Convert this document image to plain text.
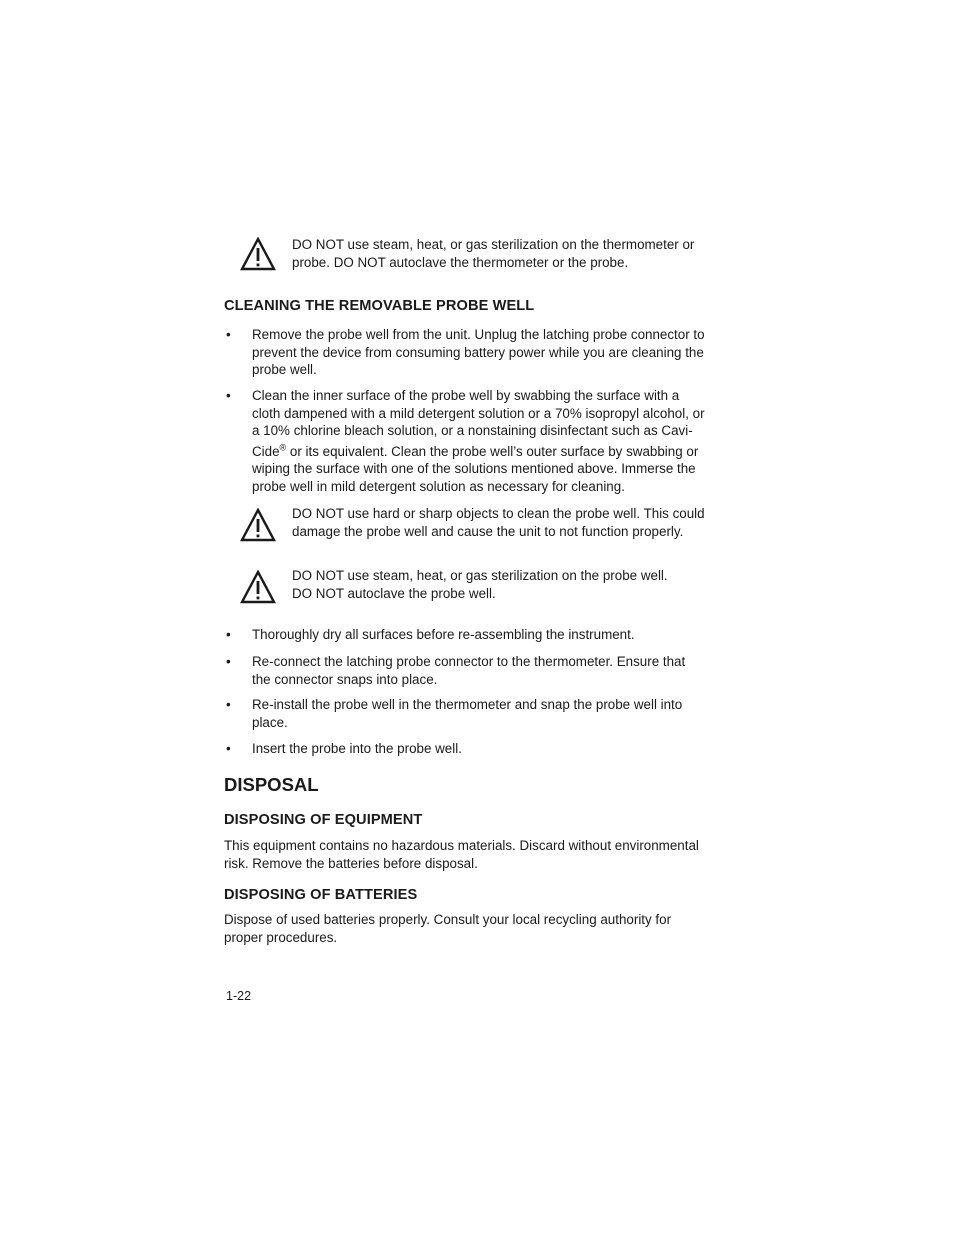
DO NOT use steam, heat, or gas sterilization on the thermometer or
probe. DO NOT autoclave the thermometer or the probe.
CLEANING THE REMOVABLE PROBE WELL
• Remove the probe well from the unit. Unplug the latching probe connector to
prevent the device from consuming battery power while you are cleaning the
probe well.
• Clean the inner surface of the probe well by swabbing the surface with a
cloth dampened with a mild detergent solution or a 70% isopropyl alcohol, or
a 10% chlorine bleach solution, or a nonstaining disinfectant such as Cavi-
Cide® or its equivalent. Clean the probe well’s outer surface by swabbing or
wiping the surface with one of the solutions mentioned above. Immerse the
probe well in mild detergent solution as necessary for cleaning.
DO NOT use hard or sharp objects to clean the probe well. This could
damage the probe well and cause the unit to not function properly.
DO NOT use steam, heat, or gas sterilization on the probe well.
DO NOT autoclave the probe well.
• Thoroughly dry all surfaces before re-assembling the instrument.
• Re-connect the latching probe connector to the thermometer. Ensure that
the connector snaps into place.
• Re-install the probe well in the thermometer and snap the probe well into
place.
• Insert the probe into the probe well.
DISPOSAL
DISPOSING OF EQUIPMENT
This equipment contains no hazardous materials. Discard without environmental
risk. Remove the batteries before disposal.
DISPOSING OF BATTERIES
Dispose of used batteries properly. Consult your local recycling authority for
proper procedures.
1-22
